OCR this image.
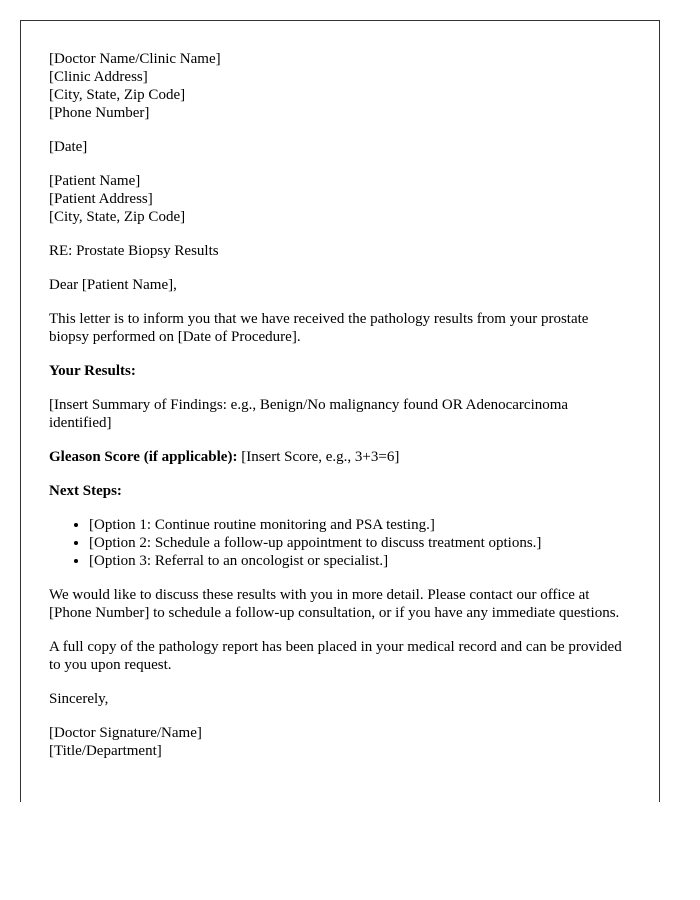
[Doctor Name/Clinic Name]
[Clinic Address]
[City, State, Zip Code]
[Phone Number]

[Date]

[Patient Name]
[Patient Address]
[City, State, Zip Code]

RE: Prostate Biopsy Results

Dear [Patient Name],

This letter is to inform you that we have received the pathology results from your prostate biopsy performed on [Date of Procedure].

Your Results:

[Insert Summary of Findings: e.g., Benign/No malignancy found OR Adenocarcinoma identified]

Gleason Score (if applicable): [Insert Score, e.g., 3+3=6]

Next Steps:

• [Option 1: Continue routine monitoring and PSA testing.]
• [Option 2: Schedule a follow-up appointment to discuss treatment options.]
• [Option 3: Referral to an oncologist or specialist.]

We would like to discuss these results with you in more detail. Please contact our office at [Phone Number] to schedule a follow-up consultation, or if you have any immediate questions.

A full copy of the pathology report has been placed in your medical record and can be provided to you upon request.

Sincerely,

[Doctor Signature/Name]
[Title/Department]
